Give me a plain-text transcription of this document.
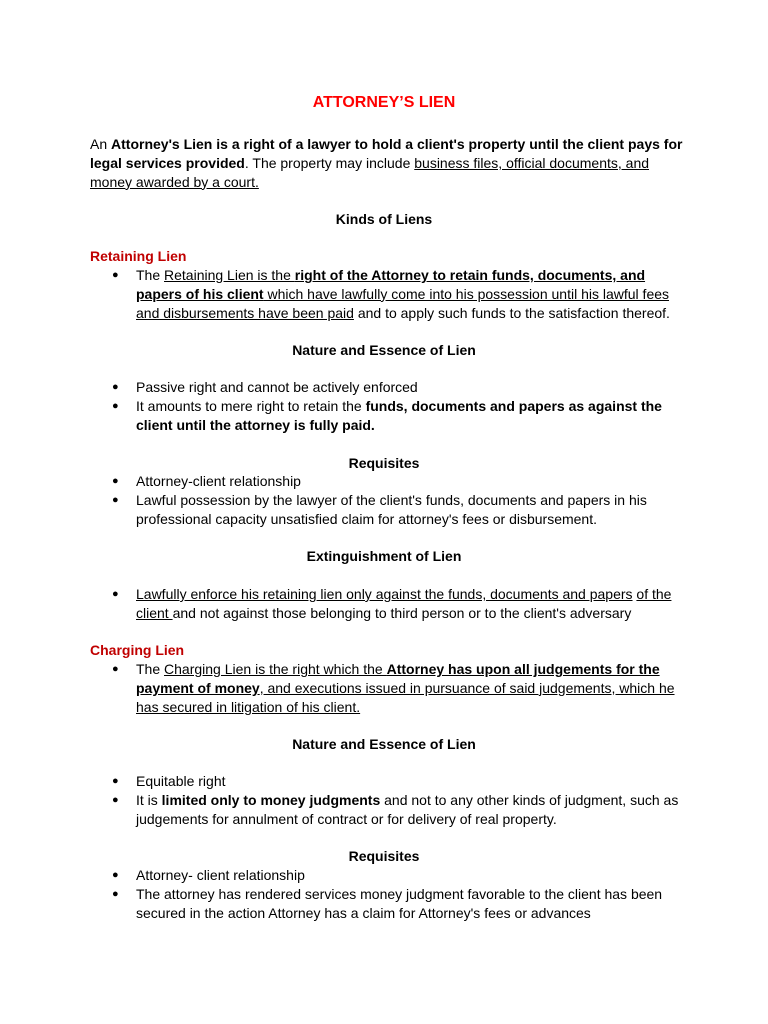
ATTORNEY’S LIEN

An Attorney's Lien is a right of a lawyer to hold a client's property until the client pays for legal services provided. The property may include business files, official documents, and money awarded by a court.

Kinds of Liens
Retaining Lien
● The Retaining Lien is the right of the Attorney to retain funds, documents, and papers of his client which have lawfully come into his possession until his lawful fees and disbursements have been paid and to apply such funds to the satisfaction thereof.
Nature and Essence of Lien
● Passive right and cannot be actively enforced
● It amounts to mere right to retain the funds, documents and papers as against the client until the attorney is fully paid.
Requisites
● Attorney-client relationship
● Lawful possession by the lawyer of the client's funds, documents and papers in his professional capacity unsatisfied claim for attorney's fees or disbursement.
Extinguishment of Lien
● Lawfully enforce his retaining lien only against the funds, documents and papers of the client and not against those belonging to third person or to the client's adversary
Charging Lien
● The Charging Lien is the right which the Attorney has upon all judgements for the payment of money, and executions issued in pursuance of said judgements, which he has secured in litigation of his client.
Nature and Essence of Lien
● Equitable right
● It is limited only to money judgments and not to any other kinds of judgment, such as judgements for annulment of contract or for delivery of real property.
Requisites
● Attorney- client relationship
● The attorney has rendered services money judgment favorable to the client has been secured in the action Attorney has a claim for Attorney's fees or advances
